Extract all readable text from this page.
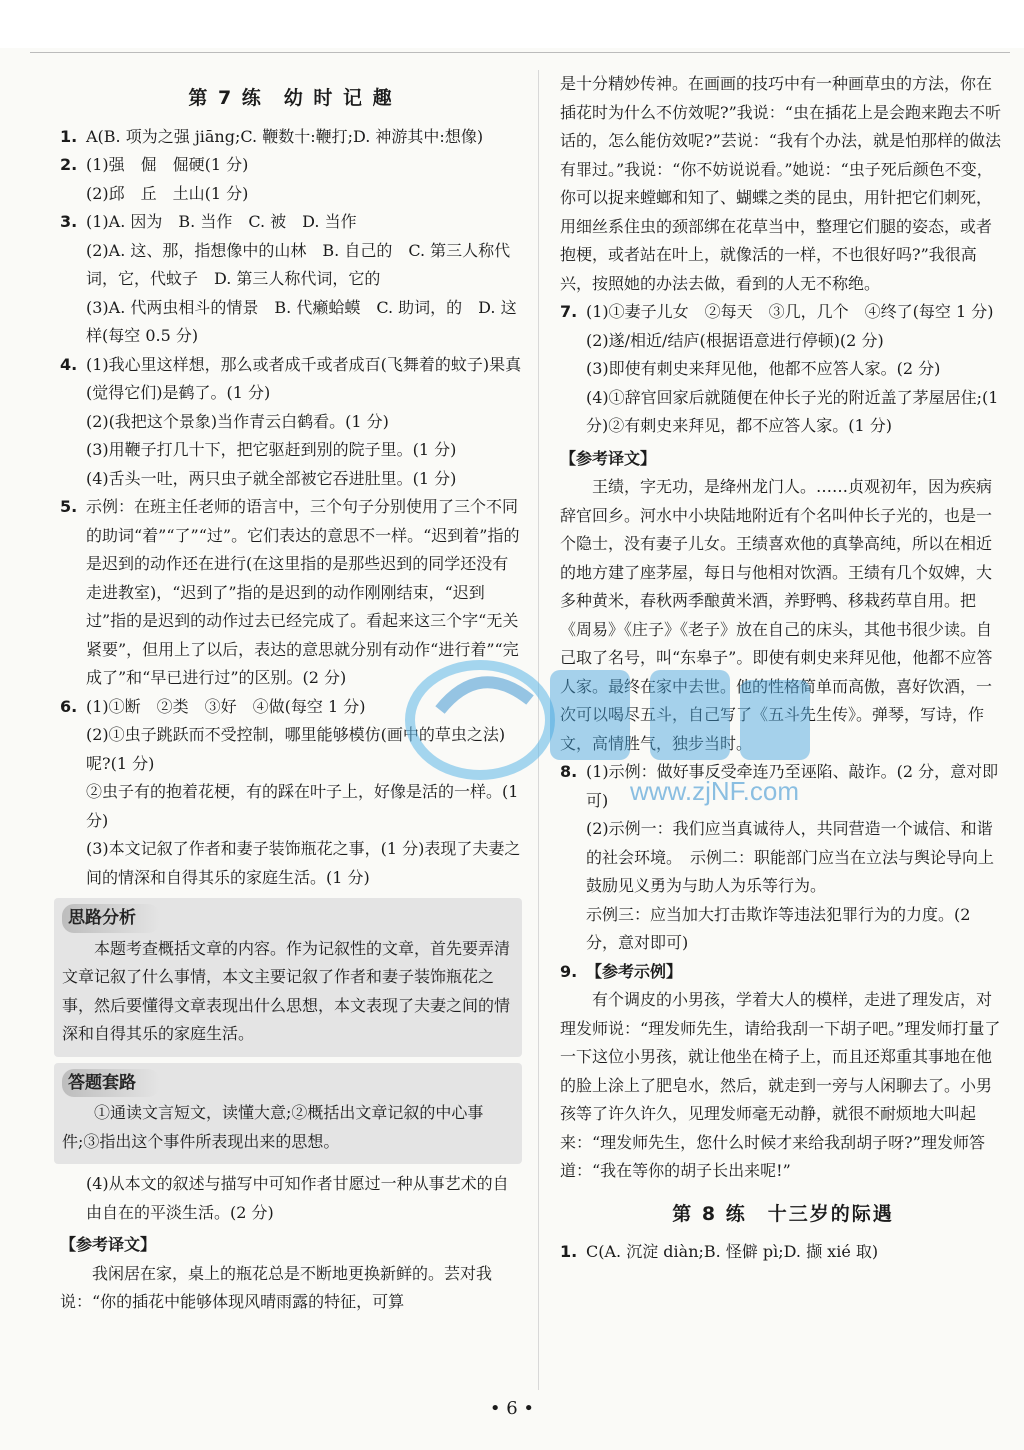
第 7 练　幼 时 记 趣
1. A(B. 项为之强 jiāng;C. 鞭数十:鞭打;D. 神游其中:想像)
2. (1)强　倔　倔硬(1 分)
(2)邱　丘　土山(1 分)
3. (1)A. 因为　B. 当作　C. 被　D. 当作
(2)A. 这、那，指想像中的山林　B. 自己的　C. 第三人称代词，它，代蚊子　D. 第三人称代词，它的
(3)A. 代两虫相斗的情景　B. 代癞蛤蟆　C. 助词，的　D. 这样(每空 0.5 分)
4. (1)我心里这样想，那么或者成千或者成百(飞舞着的蚊子)果真(觉得它们)是鹤了。(1 分)
(2)(我把这个景象)当作青云白鹤看。(1 分)
(3)用鞭子打几十下，把它驱赶到别的院子里。(1 分)
(4)舌头一吐，两只虫子就全部被它吞进肚里。(1 分)
5. 示例：在班主任老师的语言中，三个句子分别使用了三个不同的助词“着”“了”“过”。它们表达的意思不一样。“迟到着”指的是迟到的动作还在进行(在这里指的是那些迟到的同学还没有走进教室)，“迟到了”指的是迟到的动作刚刚结束，“迟到过”指的是迟到的动作过去已经完成了。看起来这三个字“无关紧要”，但用上了以后，表达的意思就分别有动作“进行着”“完成了”和“早已进行过”的区别。(2 分)
6. (1)①断　②类　③好　④做(每空 1 分)
(2)①虫子跳跃而不受控制，哪里能够模仿(画中的草虫之法)呢?(1 分)
②虫子有的抱着花梗，有的踩在叶子上，好像是活的一样。(1 分)
(3)本文记叙了作者和妻子装饰瓶花之事，(1 分)表现了夫妻之间的情深和自得其乐的家庭生活。(1 分)
思路分析
本题考查概括文章的内容。作为记叙性的文章，首先要弄清文章记叙了什么事情，本文主要记叙了作者和妻子装饰瓶花之事，然后要懂得文章表现出什么思想，本文表现了夫妻之间的情深和自得其乐的家庭生活。
答题套路
①通读文言短文，读懂大意;②概括出文章记叙的中心事件;③指出这个事件所表现出来的思想。
(4)从本文的叙述与描写中可知作者甘愿过一种从事艺术的自由自在的平淡生活。(2 分)
【参考译文】
我闲居在家，桌上的瓶花总是不断地更换新鲜的。芸对我说：“你的插花中能够体现风晴雨露的特征，可算
是十分精妙传神。在画画的技巧中有一种画草虫的方法，你在插花时为什么不仿效呢?”我说：“虫在插花上是会跑来跑去不听话的，怎么能仿效呢?”芸说：“我有个办法，就是怕那样的做法有罪过。”我说：“你不妨说说看。”她说：“虫子死后颜色不变，你可以捉来螳螂和知了、蝴蝶之类的昆虫，用针把它们刺死，用细丝系住虫的颈部绑在花草当中，整理它们腿的姿态，或者抱梗，或者站在叶上，就像活的一样，不也很好吗?”我很高兴，按照她的办法去做，看到的人无不称绝。
7. (1)①妻子儿女　②每天　③几，几个　④终了(每空 1 分)
(2)遂/相近/结庐(根据语意进行停顿)(2 分)
(3)即使有刺史来拜见他，他都不应答人家。(2 分)
(4)①辞官回家后就随便在仲长子光的附近盖了茅屋居住;(1 分)②有刺史来拜见，都不应答人家。(1 分)
【参考译文】
王绩，字无功，是绛州龙门人。……贞观初年，因为疾病辞官回乡。河水中小块陆地附近有个名叫仲长子光的，也是一个隐士，没有妻子儿女。王绩喜欢他的真挚高纯，所以在相近的地方建了座茅屋，每日与他相对饮酒。王绩有几个奴婢，大多种黄米，春秋两季酿黄米酒，养野鸭、移栽药草自用。把《周易》《庄子》《老子》放在自己的床头，其他书很少读。自己取了名号，叫“东皋子”。即使有刺史来拜见他，他都不应答人家。最终在家中去世。他的性格简单而高傲，喜好饮酒，一次可以喝尽五斗，自己写了《五斗先生传》。弹琴，写诗，作文，高情胜气，独步当时。
8. (1)示例：做好事反受牵连乃至诬陷、敲诈。(2 分，意对即可)
(2)示例一：我们应当真诚待人，共同营造一个诚信、和谐的社会环境。　示例二：职能部门应当在立法与舆论导向上鼓励见义勇为与助人为乐等行为。
示例三：应当加大打击欺诈等违法犯罪行为的力度。(2 分，意对即可)
9. 【参考示例】
有个调皮的小男孩，学着大人的模样，走进了理发店，对理发师说：“理发师先生，请给我刮一下胡子吧。”理发师打量了一下这位小男孩，就让他坐在椅子上，而且还郑重其事地在他的脸上涂上了肥皂水，然后，就走到一旁与人闲聊去了。小男孩等了许久许久，见理发师毫无动静，就很不耐烦地大叫起来：“理发师先生，您什么时候才来给我刮胡子呀?”理发师答道：“我在等你的胡子长出来呢!”
第 8 练　十三岁的际遇
1. C(A. 沉淀 diàn;B. 怪僻 pì;D. 撷 xié 取)
www.zjNF.com
• 6 •
